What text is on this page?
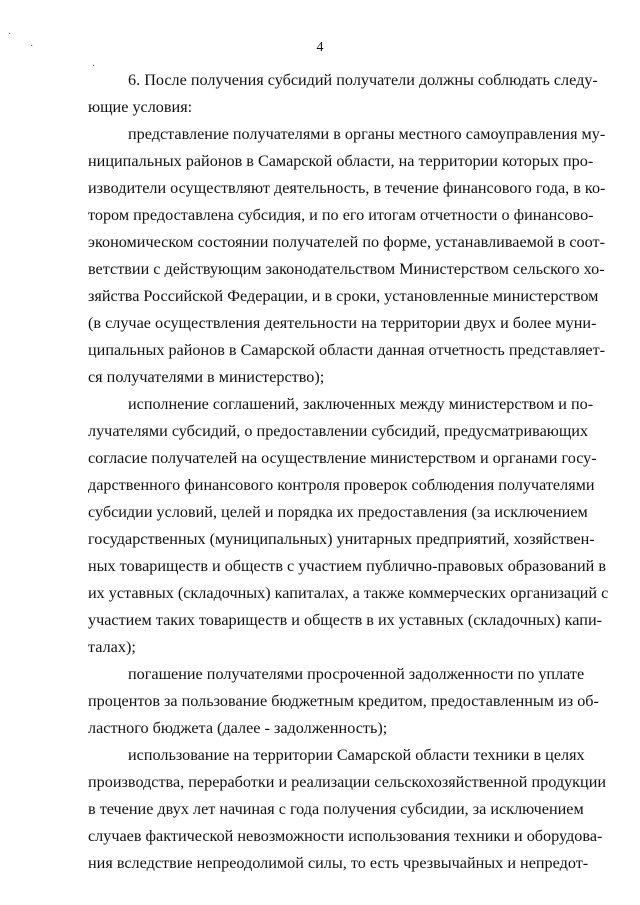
·
·
·
4
6. После получения субсидий получатели должны соблюдать следу-
ющие условия:
представление получателями в органы местного самоуправления му-
ниципальных районов в Самарской области, на территории которых про-
изводители осуществляют деятельность, в течение финансового года, в ко-
тором предоставлена субсидия, и по его итогам отчетности о финансово-
экономическом состоянии получателей по форме, устанавливаемой в соот-
ветствии с действующим законодательством Министерством сельского хо-
зяйства Российской Федерации, и в сроки, установленные министерством
(в случае осуществления деятельности на территории двух и более муни-
ципальных районов в Самарской области данная отчетность представляет-
ся получателями в министерство);
исполнение соглашений, заключенных между министерством и по-
лучателями субсидий, о предоставлении субсидий, предусматривающих
согласие получателей на осуществление министерством и органами госу-
дарственного финансового контроля проверок соблюдения получателями
субсидии условий, целей и порядка их предоставления (за исключением
государственных (муниципальных) унитарных предприятий, хозяйствен-
ных товариществ и обществ с участием публично-правовых образований в
их уставных (складочных) капиталах, а также коммерческих организаций с
участием таких товариществ и обществ в их уставных (складочных) капи-
талах);
погашение получателями просроченной задолженности по уплате
процентов за пользование бюджетным кредитом, предоставленным из об-
ластного бюджета (далее - задолженность);
использование на территории Самарской области техники в целях
производства, переработки и реализации сельскохозяйственной продукции
в течение двух лет начиная с года получения субсидии, за исключением
случаев фактической невозможности использования техники и оборудова-
ния вследствие непреодолимой силы, то есть чрезвычайных и непредот-
